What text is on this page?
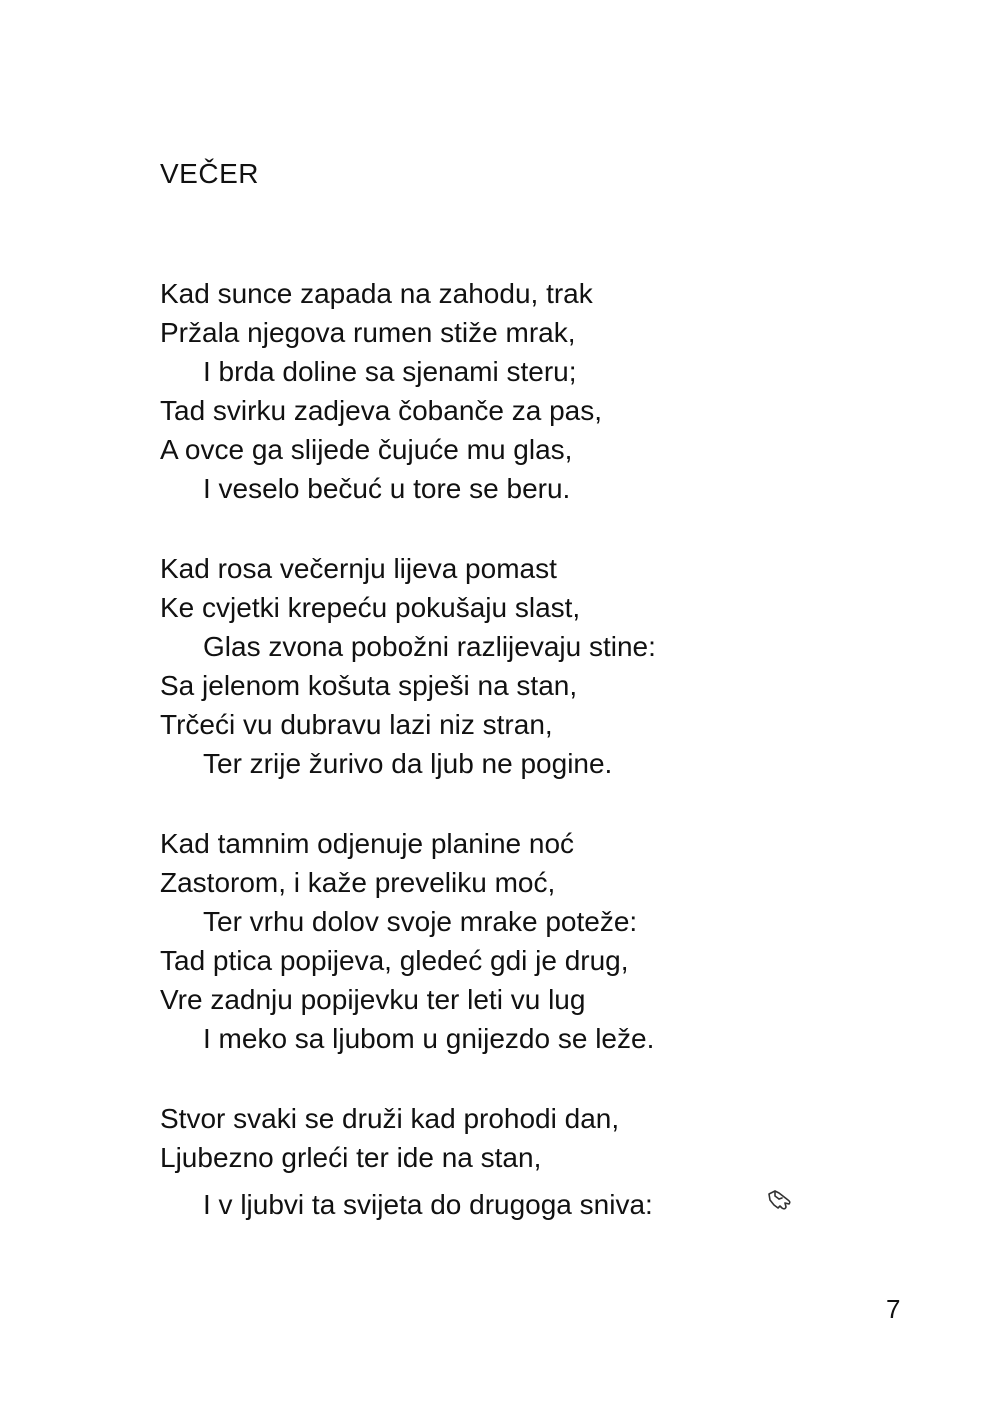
VEČER
Kad sunce zapada na zahodu, trak
Pržala njegova rumen stiže mrak,
I brda doline sa sjenami steru;
Tad svirku zadjeva čobanče za pas,
A ovce ga slijede čujuće mu glas,
I veselo bečuć u tore se beru.
Kad rosa večernju lijeva pomast
Ke cvjetki krepeću pokušaju slast,
Glas zvona pobožni razlijevaju stine:
Sa jelenom košuta spješi na stan,
Trčeći vu dubravu lazi niz stran,
Ter zrije žurivo da ljub ne pogine.
Kad tamnim odjenuje planine noć
Zastorom, i kaže preveliku moć,
Ter vrhu dolov svoje mrake poteže:
Tad ptica popijeva, gledeć gdi je drug,
Vre zadnju popijevku ter leti vu lug
I meko sa ljubom u gnijezdo se leže.
Stvor svaki se druži kad prohodi dan,
Ljubezno grleći ter ide na stan,
I v ljubvi ta svijeta do drugoga sniva:
7
